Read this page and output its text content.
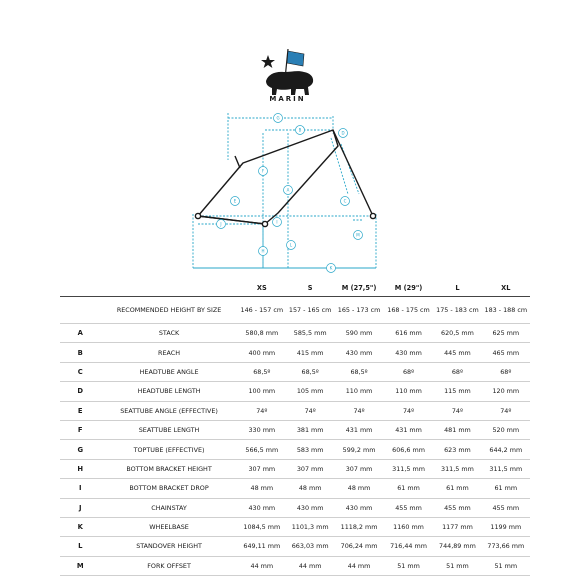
MARIN
G
B
D
E
F
A
C
J	I
L
H
M
K
		XS	S	M (27,5")	M (29")	L	XL
	RECOMMENDED HEIGHT BY SIZE	146 - 157 cm	157 - 165 cm	165 - 173 cm	168 - 175 cm	175 - 183 cm	183 - 188 cm
A	STACK	580,8 mm	585,5 mm	590 mm	616 mm	620,5 mm	625 mm
B	REACH	400 mm	415 mm	430 mm	430 mm	445 mm	465 mm
C	HEADTUBE ANGLE	68,5º	68,5º	68,5º	68º	68º	68º
D	HEADTUBE LENGTH	100 mm	105 mm	110 mm	110 mm	115 mm	120 mm
E	SEATTUBE ANGLE (EFFECTIVE)	74º	74º	74º	74º	74º	74º
F	SEATTUBE LENGTH	330 mm	381 mm	431 mm	431 mm	481 mm	520 mm
G	TOPTUBE (EFFECTIVE)	566,5 mm	583 mm	599,2 mm	606,6 mm	623 mm	644,2 mm
H	BOTTOM BRACKET HEIGHT	307 mm	307 mm	307 mm	311,5 mm	311,5 mm	311,5 mm
I	BOTTOM BRACKET DROP	48 mm	48 mm	48 mm	61 mm	61 mm	61 mm
J	CHAINSTAY	430 mm	430 mm	430 mm	455 mm	455 mm	455 mm
K	WHEELBASE	1084,5 mm	1101,3 mm	1118,2 mm	1160 mm	1177 mm	1199 mm
L	STANDOVER HEIGHT	649,11 mm	663,03 mm	706,24 mm	716,44 mm	744,89 mm	773,66 mm
M	FORK OFFSET	44 mm	44 mm	44 mm	51 mm	51 mm	51 mm
